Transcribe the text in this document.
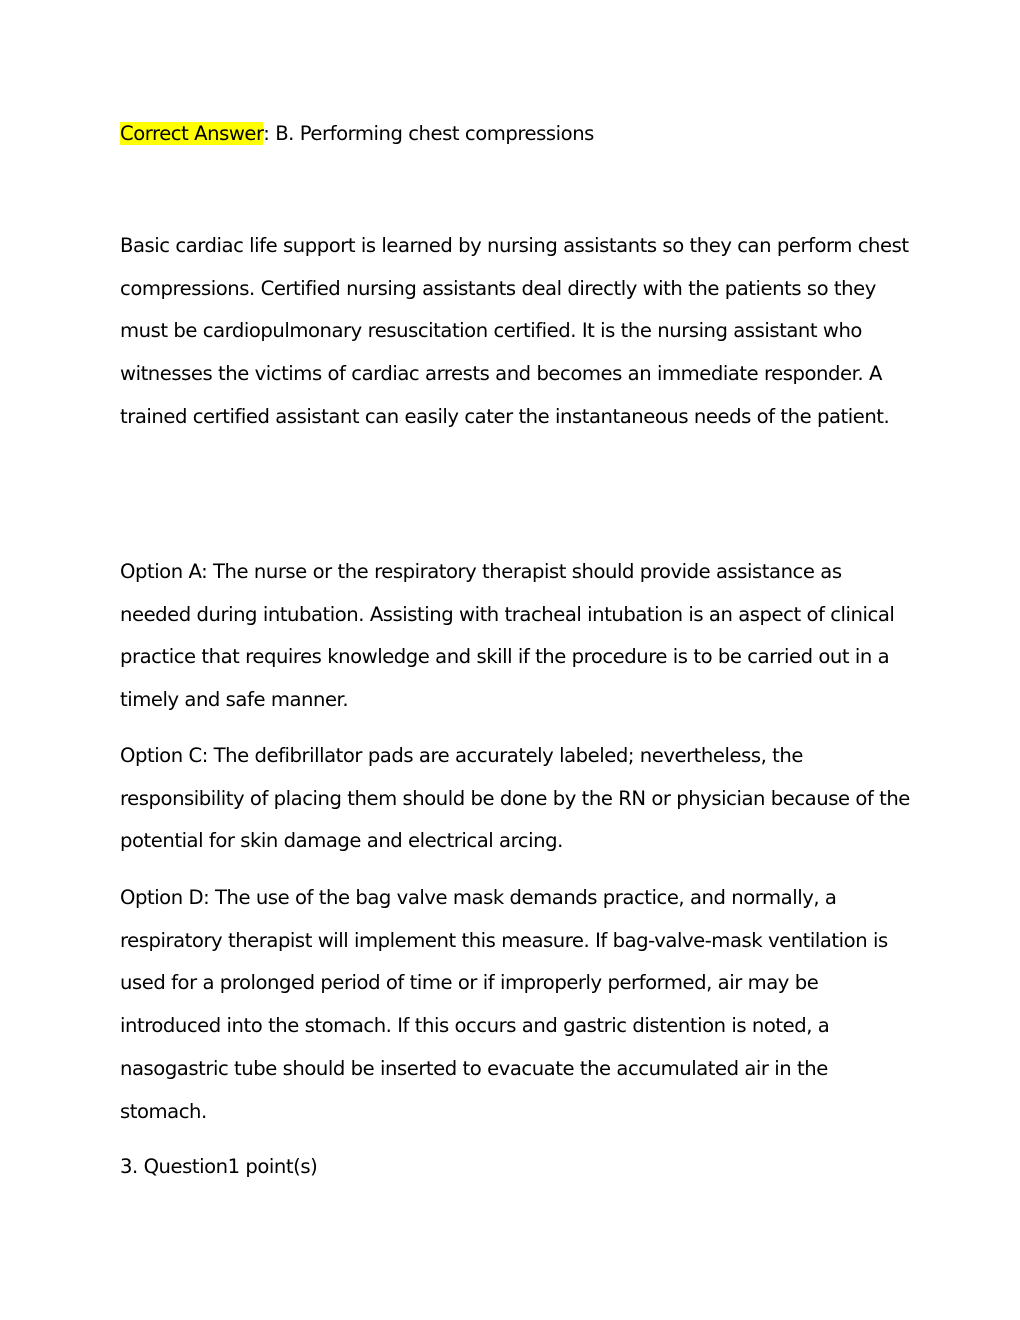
Correct Answer: B. Performing chest compressions

Basic cardiac life support is learned by nursing assistants so they can perform chest compressions. Certified nursing assistants deal directly with the patients so they must be cardiopulmonary resuscitation certified. It is the nursing assistant who witnesses the victims of cardiac arrests and becomes an immediate responder. A trained certified assistant can easily cater the instantaneous needs of the patient.

Option A: The nurse or the respiratory therapist should provide assistance as needed during intubation. Assisting with tracheal intubation is an aspect of clinical practice that requires knowledge and skill if the procedure is to be carried out in a timely and safe manner.

Option C: The defibrillator pads are accurately labeled; nevertheless, the responsibility of placing them should be done by the RN or physician because of the potential for skin damage and electrical arcing.

Option D: The use of the bag valve mask demands practice, and normally, a respiratory therapist will implement this measure. If bag-valve-mask ventilation is used for a prolonged period of time or if improperly performed, air may be introduced into the stomach. If this occurs and gastric distention is noted, a nasogastric tube should be inserted to evacuate the accumulated air in the stomach.

3. Question1 point(s)
